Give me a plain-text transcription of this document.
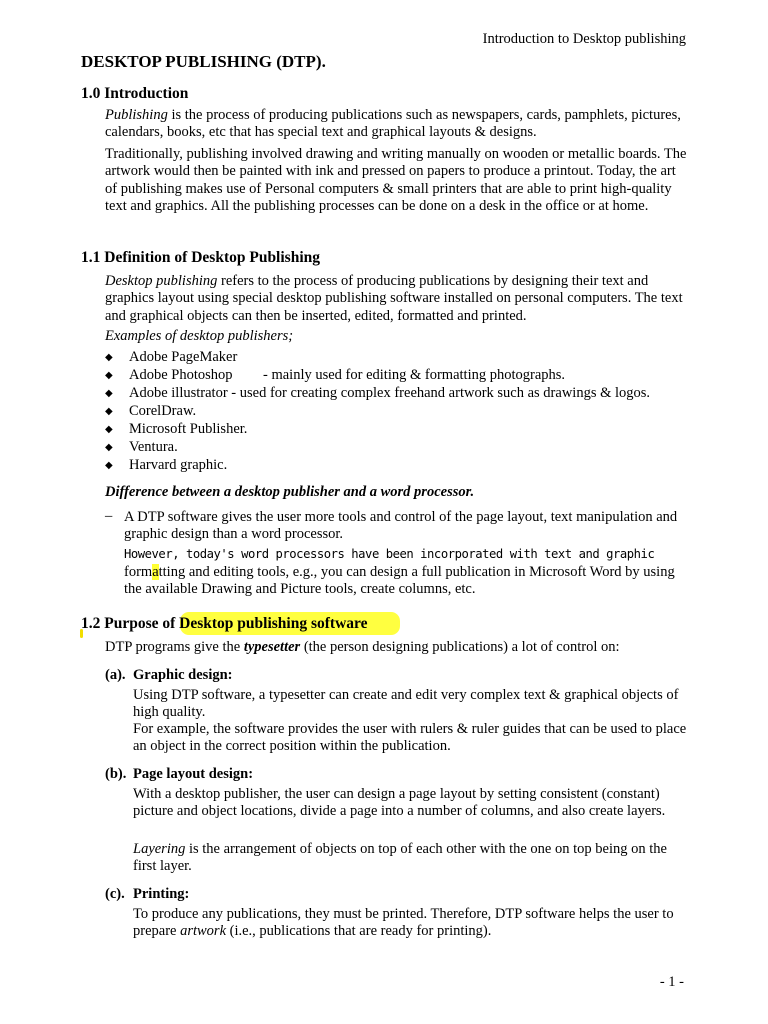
Introduction to Desktop publishing
DESKTOP PUBLISHING (DTP).
1.0 Introduction
Publishing is the process of producing publications such as newspapers, cards, pamphlets, pictures, calendars, books, etc that has special text and graphical layouts & designs.
Traditionally, publishing involved drawing and writing manually on wooden or metallic boards. The artwork would then be painted with ink and pressed on papers to produce a printout. Today, the art of publishing makes use of Personal computers & small printers that are able to print high-quality text and graphics. All the publishing processes can be done on a desk in the office or at home.
1.1 Definition of Desktop Publishing
Desktop publishing refers to the process of producing publications by designing their text and graphics layout using special desktop publishing software installed on personal computers. The text and graphical objects can then be inserted, edited, formatted and printed.
Examples of desktop publishers;
◆ Adobe PageMaker
◆ Adobe Photoshop - mainly used for editing & formatting photographs.
◆ Adobe illustrator - used for creating complex freehand artwork such as drawings & logos.
◆ CorelDraw.
◆ Microsoft Publisher.
◆ Ventura.
◆ Harvard graphic.
Difference between a desktop publisher and a word processor.
– A DTP software gives the user more tools and control of the page layout, text manipulation and graphic design than a word processor.
However, today's word processors have been incorporated with text and graphic
formatting and editing tools, e.g., you can design a full publication in Microsoft Word by using the available Drawing and Picture tools, create columns, etc.
1.2 Purpose of Desktop publishing software
DTP programs give the typesetter (the person designing publications) a lot of control on:
(a). Graphic design:
Using DTP software, a typesetter can create and edit very complex text & graphical objects of high quality.
For example, the software provides the user with rulers & ruler guides that can be used to place an object in the correct position within the publication.
(b). Page layout design:
With a desktop publisher, the user can design a page layout by setting consistent (constant) picture and object locations, divide a page into a number of columns, and also create layers.
Layering is the arrangement of objects on top of each other with the one on top being on the first layer.
(c). Printing:
To produce any publications, they must be printed. Therefore, DTP software helps the user to prepare artwork (i.e., publications that are ready for printing).
- 1 -
